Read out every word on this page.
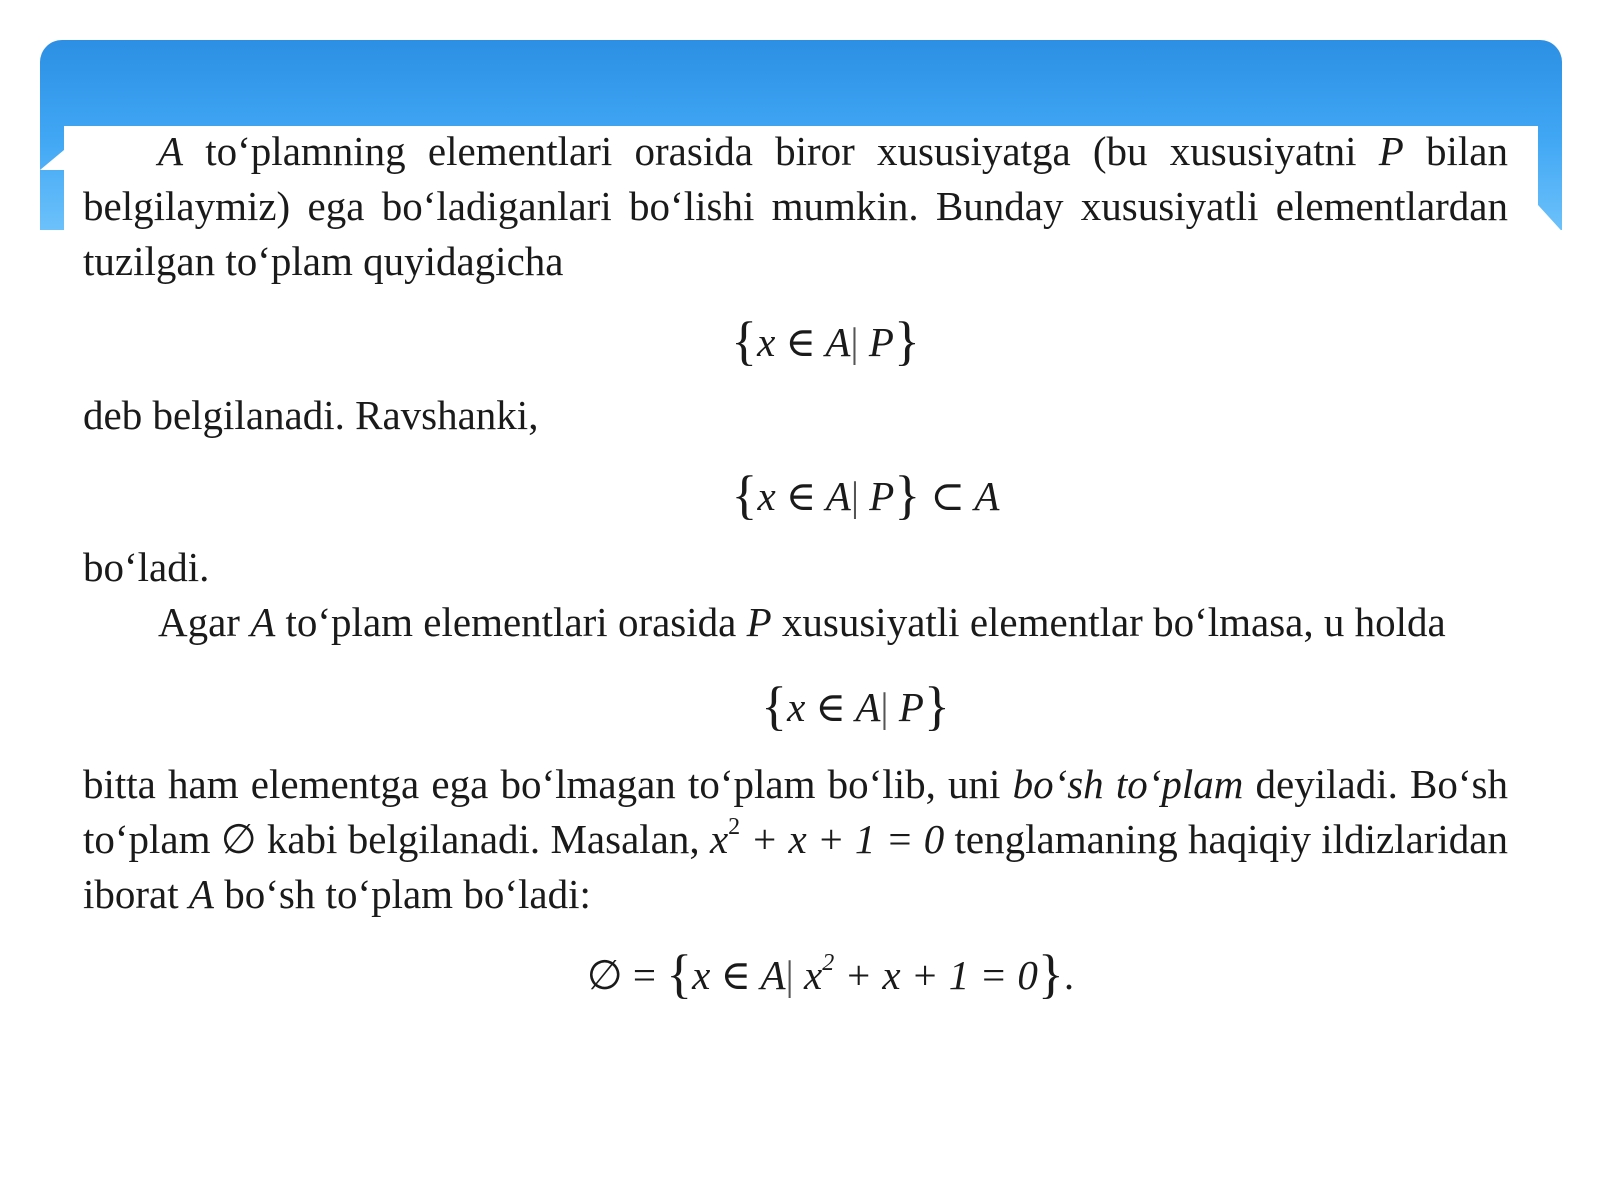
A to‘plamning elementlari orasida biror xususiyatga (bu xususiyatni P bilan belgilaymiz) ega bo‘ladiganlari bo‘lishi mumkin. Bunday xususiyatli elementlardan tuzilgan to‘plam quyidagicha

{x ∈ A| P}

deb belgilanadi. Ravshanki,

{x ∈ A| P} ⊂ A

bo‘ladi.

Agar A to‘plam elementlari orasida P xususiyatli elementlar bo‘lmasa, u holda

{x ∈ A| P}

bitta ham elementga ega bo‘lmagan to‘plam bo‘lib, uni bo‘sh to‘plam deyiladi. Bo‘sh to‘plam ∅ kabi belgilanadi. Masalan, $x^2 + x + 1 = 0$ tenglamaning haqiqiy ildizlaridan iborat A bo‘sh to‘plam bo‘ladi:

∅ = {x ∈ A| $x^2 + x + 1 = 0$}.
